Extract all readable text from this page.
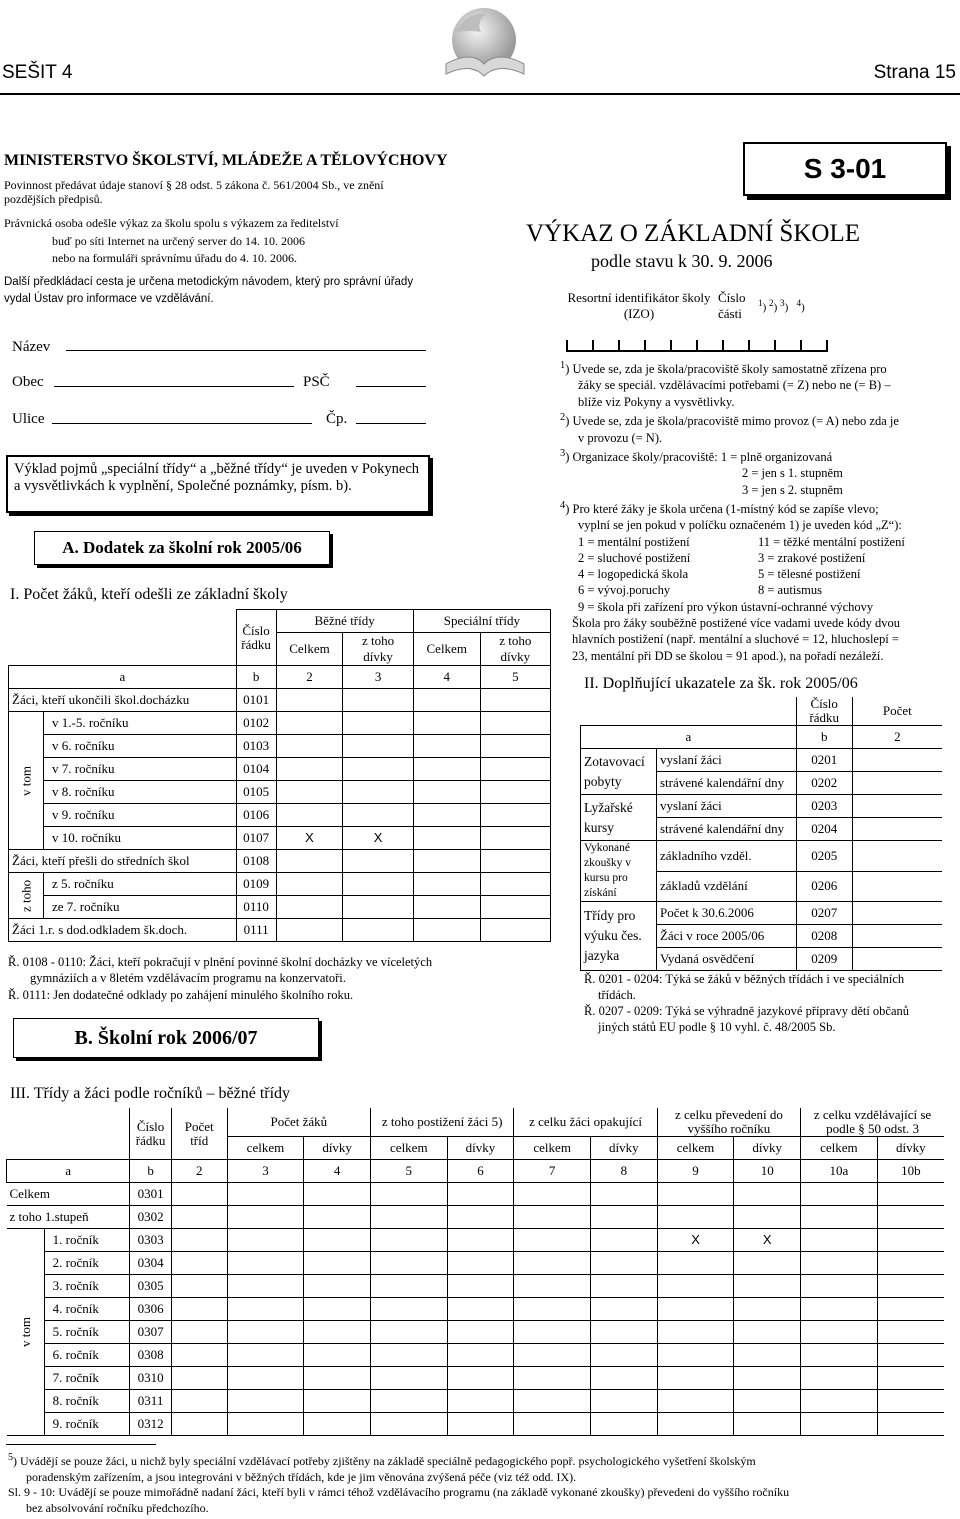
SEŠIT 4	Strana 15
MINISTERSTVO ŠKOLSTVÍ, MLÁDEŽE A TĚLOVÝCHOVY
Povinnost předávat údaje stanoví § 28 odst. 5 zákona č. 561/2004 Sb., ve znění
pozdějších předpisů.
Právnická osoba odešle výkaz za školu spolu s výkazem za ředitelství
buď po síti Internet na určený server do 14. 10. 2006
nebo na formuláři správnímu úřadu do 4. 10. 2006.
Další předkládací cesta je určena metodickým návodem, který pro správní úřady
vydal Ústav pro informace ve vzdělávání.
S 3-01
VÝKAZ O ZÁKLADNÍ ŠKOLE
podle stavu k 30. 9. 2006
Resortní identifikátor školy
(IZO)
Číslo
části
$^1$) $^2$) $^3$) $^4$)
Název
Obec	PSČ
Ulice	Čp.
Výklad pojmů „speciální třídy“ a „běžné třídy“ je uveden v Pokynech a vysvětlivkách k vyplnění, Společné poznámky, písm. b).
A. Dodatek za školní rok 2005/06
I. Počet žáků, kteří odešli ze základní školy
		Číslo řádku	Běžné třídy		Speciální třídy	
			Celkem	z toho dívky	Celkem	z toho dívky
a		b	2	3	4	5
Žáci, kteří ukončili škol.docházku		0101				
v tom	v 1.-5. ročníku	0102				
	v 6. ročníku	0103				
	v 7. ročníku	0104				
	v 8. ročníku	0105				
	v 9. ročníku	0106				
	v 10. ročníku	0107	X	X		
Žáci, kteří přešli do středních škol		0108				
z toho	z 5. ročníku	0109				
	ze 7. ročníku	0110				
Žáci 1.r. s dod.odkladem šk.doch.		0111				
Ř. 0108 - 0110: Žáci, kteří pokračují v plnění povinné školní docházky ve víceletých
gymnáziích a v 8letém vzdělávacím programu na konzervatoři.
Ř. 0111: Jen dodatečné odklady po zahájení minulého školního roku.
B. Školní rok 2006/07
$^1$) Uvede se, zda je škola/pracoviště školy samostatně zřízena pro
žáky se speciál. vzdělávacími potřebami (= Z) nebo ne (= B) –
blíže viz Pokyny a vysvětlivky.
$^2$) Uvede se, zda je škola/pracoviště mimo provoz (= A) nebo zda je
v provozu (= N).
$^3$) Organizace školy/pracoviště: 1 = plně organizovaná
2 = jen s 1. stupněm
3 = jen s 2. stupněm
$^4$) Pro které žáky je škola určena (1-místný kód se zapíše vlevo;
vyplní se jen pokud v políčku označeném 1) je uveden kód „Z“):
1 = mentální postižení	11 = těžké mentální postižení
2 = sluchové postižení	3 = zrakové postižení
4 = logopedická škola	5 = tělesné postižení
6 = vývoj.poruchy	8 = autismus
9 = škola při zařízení pro výkon ústavní-ochranné výchovy
Škola pro žáky souběžně postižené více vadami uvede kódy dvou
hlavních postižení (např. mentální a sluchové = 12, hluchoslepí =
23, mentální při DD se školou = 91 apod.), na pořadí nezáleží.
II. Doplňující ukazatele za šk. rok 2005/06
		Číslo řádku	Počet
a		b	2
Zotavovací pobyty	vyslaní žáci	0201	
	strávené kalendářní dny	0202	
Lyžařské kursy	vyslaní žáci	0203	
	strávené kalendářní dny	0204	
Vykonané zkoušky v kursu pro získání	základního vzděl.	0205	
	základů vzdělání	0206	
Třídy pro výuku čes. jazyka	Počet k 30.6.2006	0207	
	Žáci v roce 2005/06	0208	
	Vydaná osvědčení	0209	
Ř. 0201 - 0204: Týká se žáků v běžných třídách i ve speciálních
třídách.
Ř. 0207 - 0209: Týká se výhradně jazykové přípravy dětí občanů
jiných států EU podle § 10 vyhl. č. 48/2005 Sb.
III. Třídy a žáci podle ročníků – běžné třídy
		Číslo řádku	Počet tříd	Počet žáků		z toho postižení žáci 5)		z celku žáci opakující		z celku převedení do vyššího ročníku		z celku vzdělávající se podle § 50 odst. 3	
				celkem	dívky	celkem	dívky	celkem	dívky	celkem	dívky	celkem	dívky
a		b	2	3	4	5	6	7	8	9	10	10a	10b
Celkem		0301											
z toho 1.stupeň		0302											
v tom	1. ročník	0303								X	X		
	2. ročník	0304											
	3. ročník	0305											
	4. ročník	0306											
	5. ročník	0307											
	6. ročník	0308											
	7. ročník	0310											
	8. ročník	0311											
	9. ročník	0312											
$^5$) Uvádějí se pouze žáci, u nichž byly speciální vzdělávací potřeby zjištěny na základě speciálně pedagogického popř. psychologického vyšetření školským
poradenským zařízením, a jsou integrováni v běžných třídách, kde je jim věnována zvýšená péče (viz též odd. IX).
Sl. 9 - 10: Uvádějí se pouze mimořádně nadaní žáci, kteří byli v rámci téhož vzdělávacího programu (na základě vykonané zkoušky) převedeni do vyššího ročníku
bez absolvování ročníku předchozího.
